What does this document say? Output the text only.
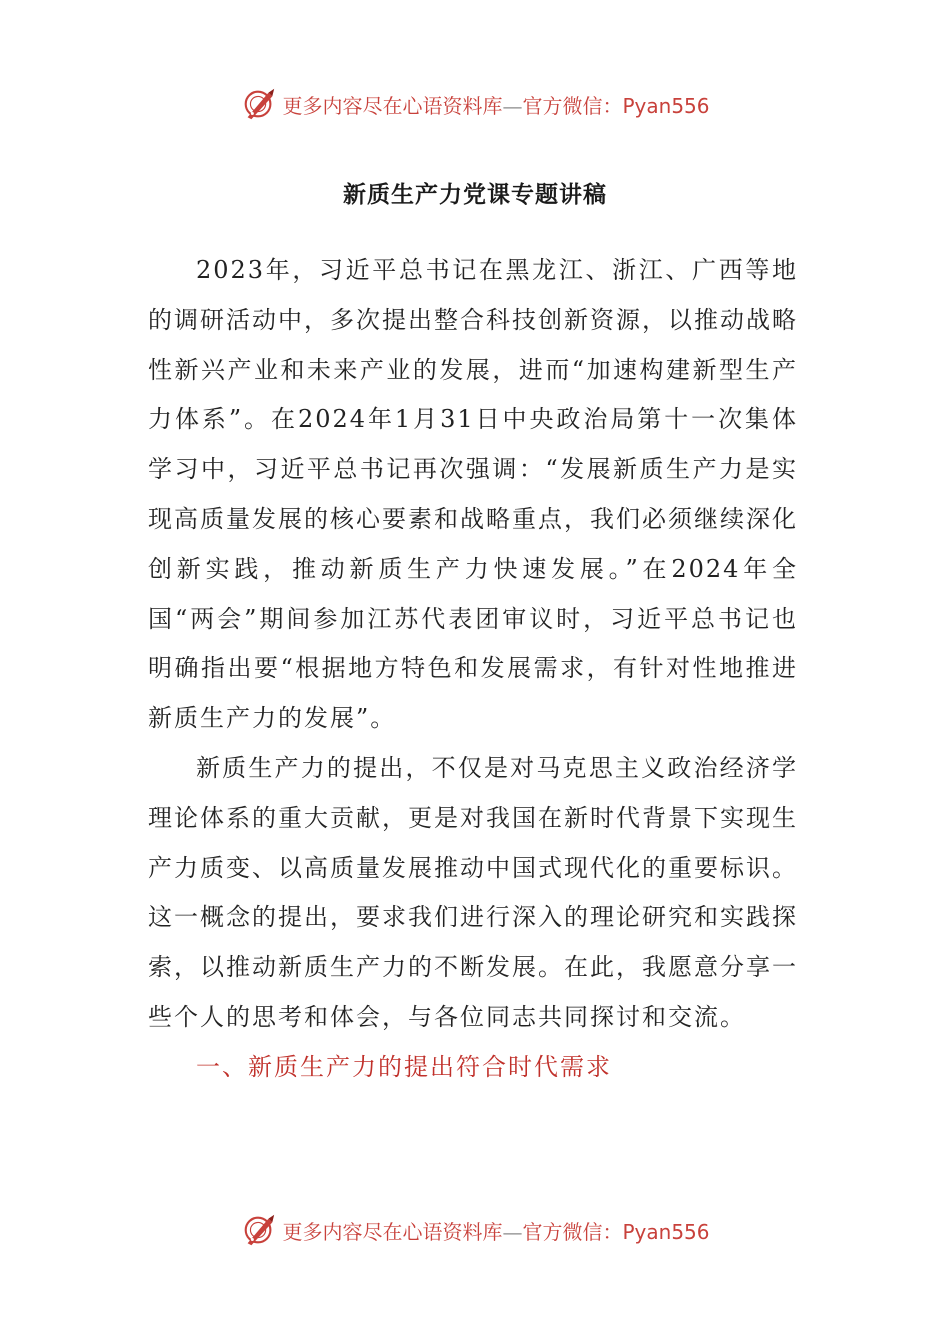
更多内容尽在心语资料库—官方微信：Pyan556
新质生产力党课专题讲稿

2023年，习近平总书记在黑龙江、浙江、广西等地的调研活动中，多次提出整合科技创新资源，以推动战略性新兴产业和未来产业的发展，进而“加速构建新型生产力体系”。在2024年1月31日中央政治局第十一次集体学习中，习近平总书记再次强调：“发展新质生产力是实现高质量发展的核心要素和战略重点，我们必须继续深化创新实践，推动新质生产力快速发展。”在2024年全国“两会”期间参加江苏代表团审议时，习近平总书记也明确指出要“根据地方特色和发展需求，有针对性地推进新质生产力的发展”。

新质生产力的提出，不仅是对马克思主义政治经济学理论体系的重大贡献，更是对我国在新时代背景下实现生产力质变、以高质量发展推动中国式现代化的重要标识。这一概念的提出，要求我们进行深入的理论研究和实践探索，以推动新质生产力的不断发展。在此，我愿意分享一些个人的思考和体会，与各位同志共同探讨和交流。

一、新质生产力的提出符合时代需求

更多内容尽在心语资料库—官方微信：Pyan556
